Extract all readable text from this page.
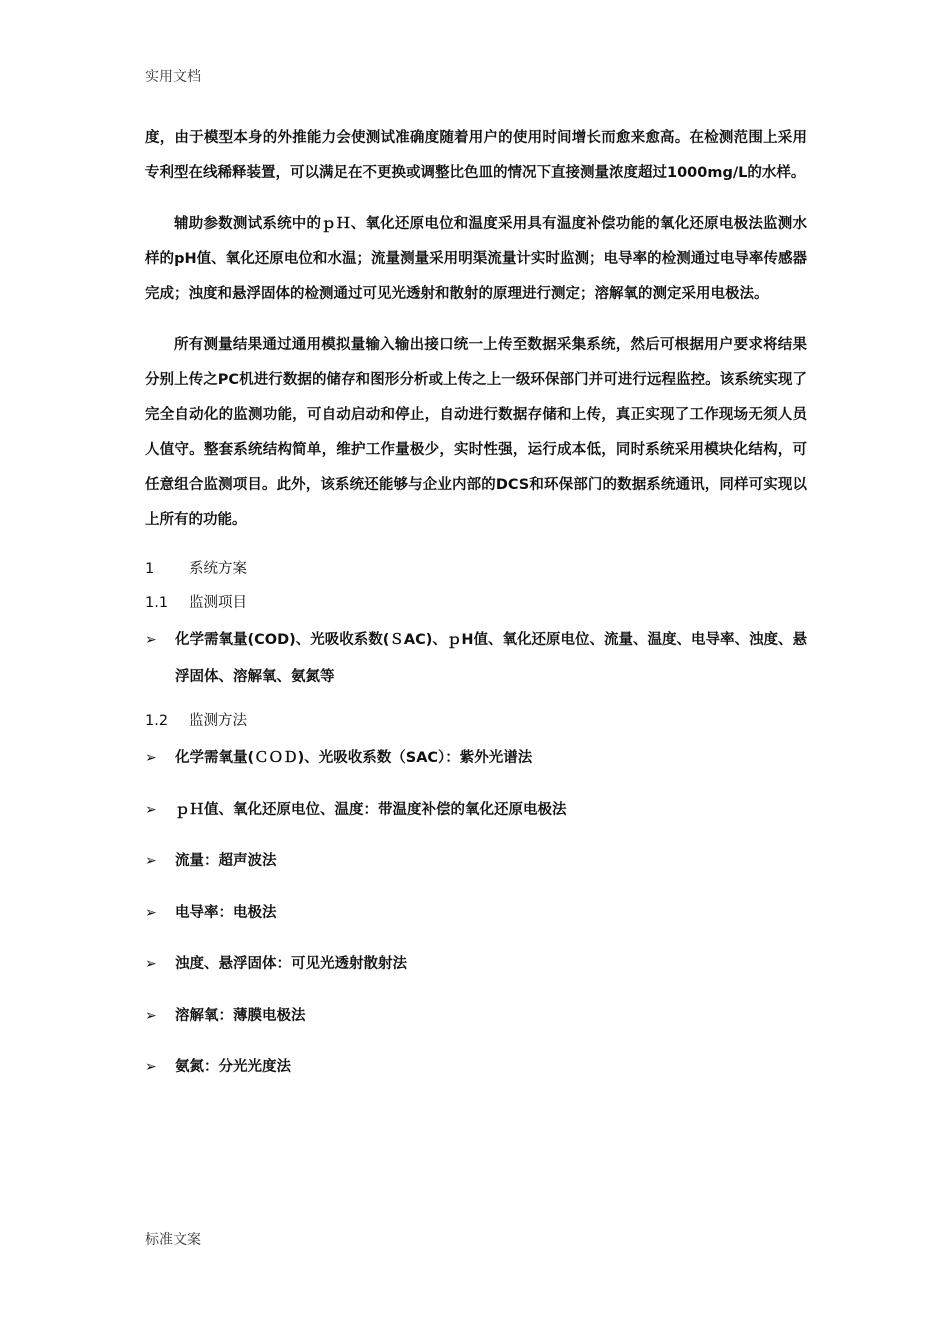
实用文档

度，由于模型本身的外推能力会使测试准确度随着用户的使用时间增长而愈来愈高。在检测范围上采用专利型在线稀释装置，可以满足在不更换或调整比色皿的情况下直接测量浓度超过1000mg/L的水样。

辅助参数测试系统中的ｐＨ、氧化还原电位和温度采用具有温度补偿功能的氧化还原电极法监测水样的pH值、氧化还原电位和水温；流量测量采用明渠流量计实时监测；电导率的检测通过电导率传感器完成；浊度和悬浮固体的检测通过可见光透射和散射的原理进行测定；溶解氧的测定采用电极法。

所有测量结果通过通用模拟量输入输出接口统一上传至数据采集系统，然后可根据用户要求将结果分别上传之PC机进行数据的储存和图形分析或上传之上一级环保部门并可进行远程监控。该系统实现了完全自动化的监测功能，可自动启动和停止，自动进行数据存储和上传，真正实现了工作现场无须人员人值守。整套系统结构简单，维护工作量极少，实时性强，运行成本低，同时系统采用模块化结构，可任意组合监测项目。此外，该系统还能够与企业内部的DCS和环保部门的数据系统通讯，同样可实现以上所有的功能。

1 系统方案
1.1 监测项目
➢ 化学需氧量(COD)、光吸收系数(ＳAC)、ｐH值、氧化还原电位、流量、温度、电导率、浊度、悬浮固体、溶解氧、氨氮等
1.2 监测方法
➢ 化学需氧量(ＣＯＤ)、光吸收系数（SAC）：紫外光谱法
➢ ｐＨ值、氧化还原电位、温度：带温度补偿的氧化还原电极法
➢ 流量：超声波法
➢ 电导率：电极法
➢ 浊度、悬浮固体：可见光透射散射法
➢ 溶解氧：薄膜电极法
➢ 氨氮：分光光度法
标准文案
